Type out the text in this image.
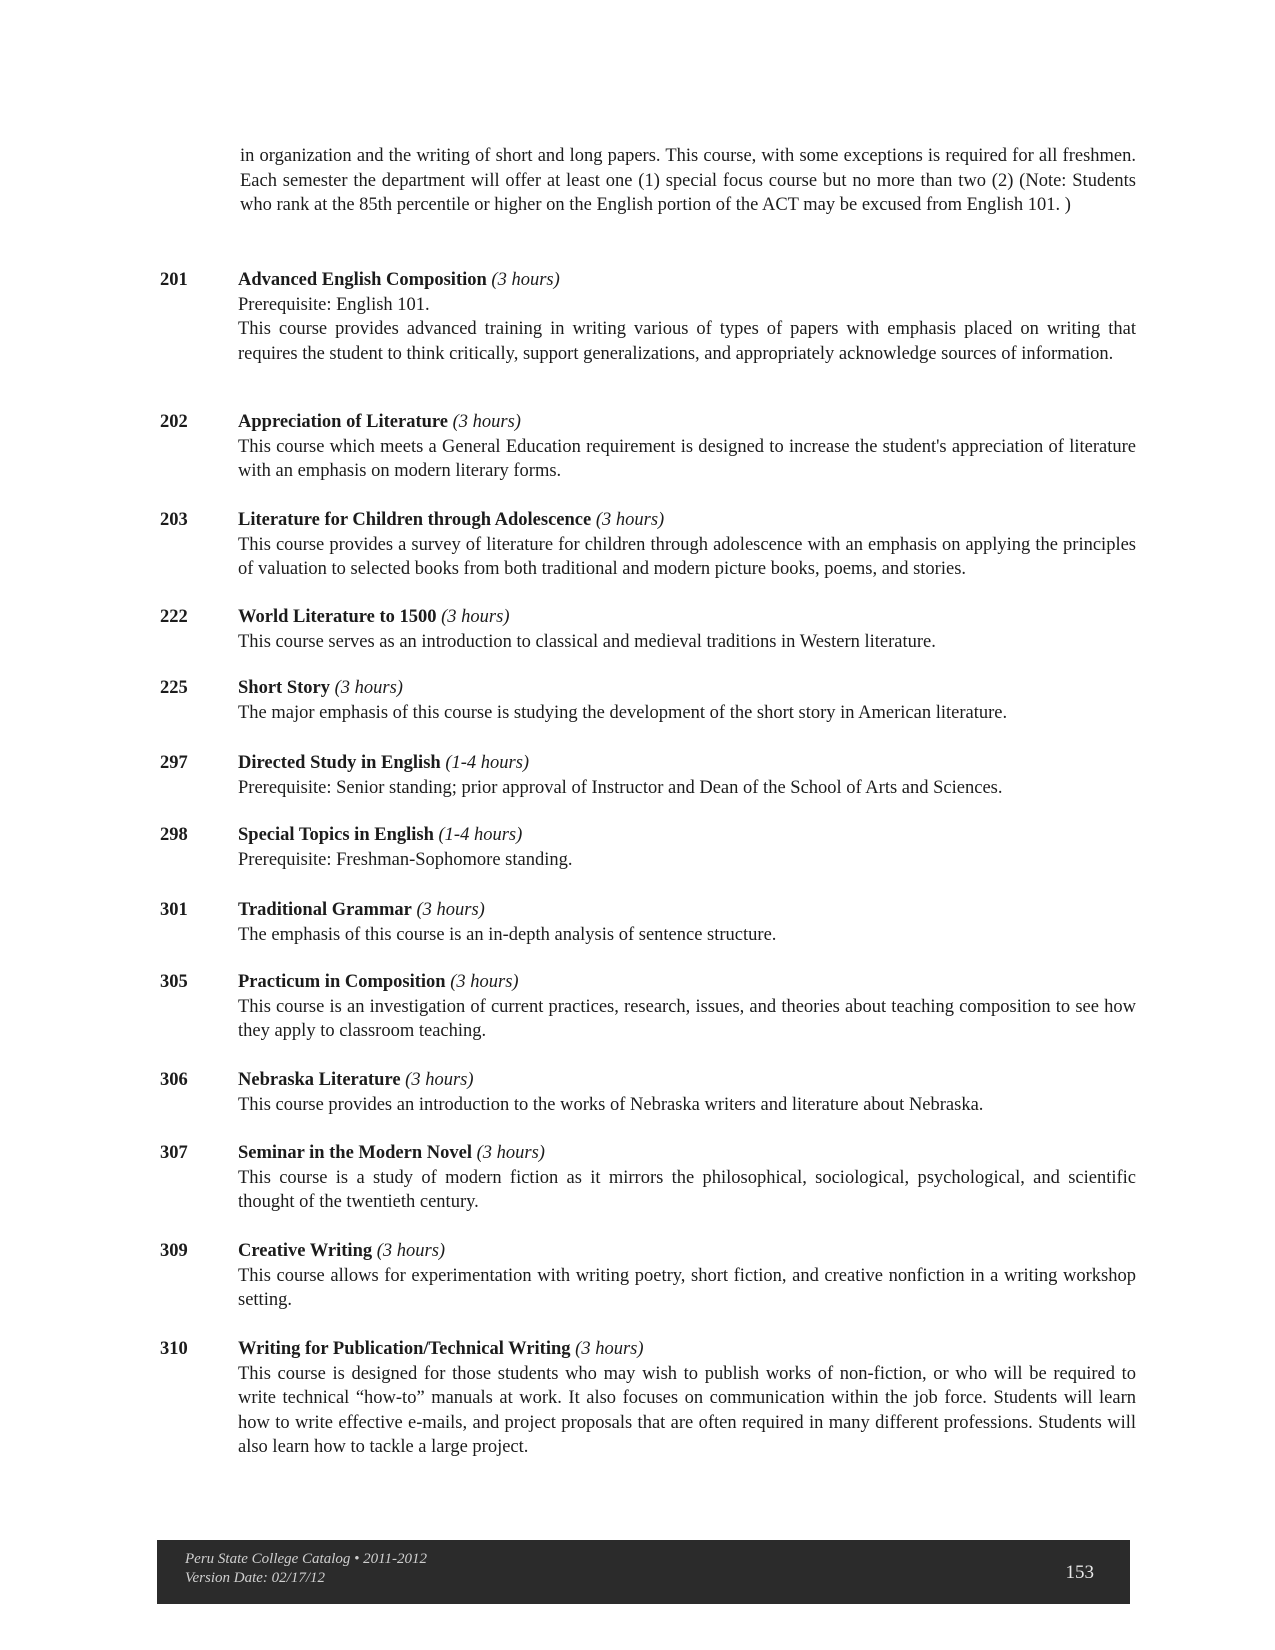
in organization and the writing of short and long papers. This course, with some exceptions is required for all freshmen. Each semester the department will offer at least one (1) special focus course but no more than two (2) (Note: Students who rank at the 85th percentile or higher on the English portion of the ACT may be excused from English 101. )
201	Advanced English Composition (3 hours)
Prerequisite: English 101.
This course provides advanced training in writing various of types of papers with emphasis placed on writing that requires the student to think critically, support generalizations, and appropriately acknowledge sources of information.
202	Appreciation of Literature (3 hours)
This course which meets a General Education requirement is designed to increase the student's appreciation of literature with an emphasis on modern literary forms.
203	Literature for Children through Adolescence (3 hours)
This course provides a survey of literature for children through adolescence with an emphasis on applying the principles of valuation to selected books from both traditional and modern picture books, poems, and stories.
222	World Literature to 1500 (3 hours)
This course serves as an introduction to classical and medieval traditions in Western literature.
225	Short Story (3 hours)
The major emphasis of this course is studying the development of the short story in American literature.
297	Directed Study in English (1-4 hours)
Prerequisite: Senior standing; prior approval of Instructor and Dean of the School of Arts and Sciences.
298	Special Topics in English (1-4 hours)
Prerequisite: Freshman-Sophomore standing.
301	Traditional Grammar (3 hours)
The emphasis of this course is an in-depth analysis of sentence structure.
305	Practicum in Composition (3 hours)
This course is an investigation of current practices, research, issues, and theories about teaching composition to see how they apply to classroom teaching.
306	Nebraska Literature (3 hours)
This course provides an introduction to the works of Nebraska writers and literature about Nebraska.
307	Seminar in the Modern Novel (3 hours)
This course is a study of modern fiction as it mirrors the philosophical, sociological, psychological, and scientific thought of the twentieth century.
309	Creative Writing (3 hours)
This course allows for experimentation with writing poetry, short fiction, and creative nonfiction in a writing workshop setting.
310	Writing for Publication/Technical Writing (3 hours)
This course is designed for those students who may wish to publish works of non-fiction, or who will be required to write technical “how-to” manuals at work. It also focuses on communication within the job force. Students will learn how to write effective e-mails, and project proposals that are often required in many different professions. Students will also learn how to tackle a large project.
Peru State College Catalog • 2011-2012
Version Date: 02/17/12	153
